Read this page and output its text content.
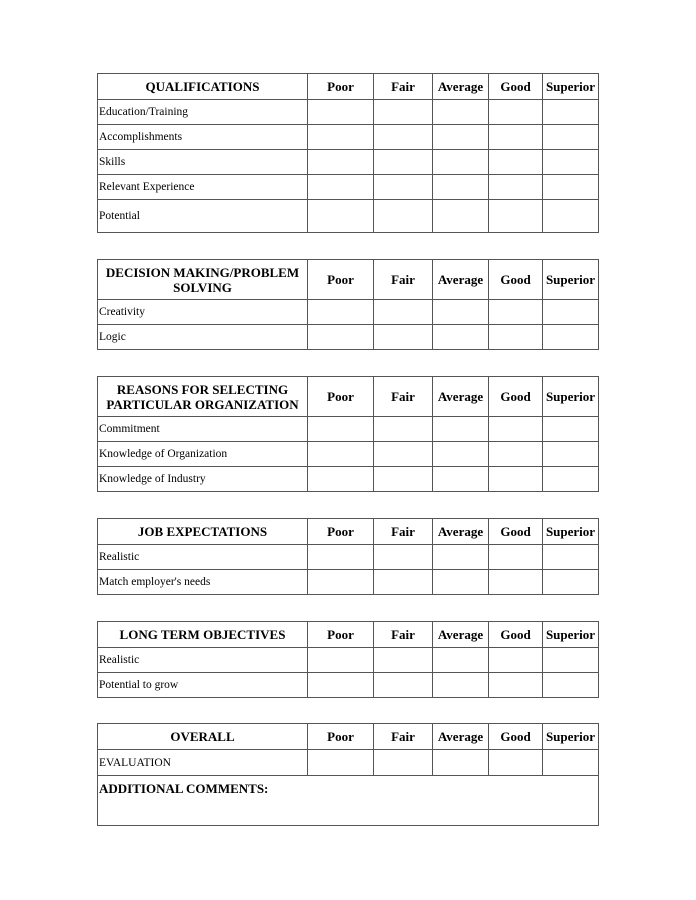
QUALIFICATIONS	Poor	Fair	Average	Good	Superior
Education/Training					
Accomplishments					
Skills					
Relevant Experience					
Potential					
DECISION MAKING/PROBLEM SOLVING	Poor	Fair	Average	Good	Superior
Creativity					
Logic					
REASONS FOR SELECTING PARTICULAR ORGANIZATION	Poor	Fair	Average	Good	Superior
Commitment					
Knowledge of Organization					
Knowledge of Industry					
JOB EXPECTATIONS	Poor	Fair	Average	Good	Superior
Realistic					
Match employer's needs					
LONG TERM OBJECTIVES	Poor	Fair	Average	Good	Superior
Realistic					
Potential to grow					
OVERALL	Poor	Fair	Average	Good	Superior
EVALUATION					
ADDITIONAL COMMENTS:					
